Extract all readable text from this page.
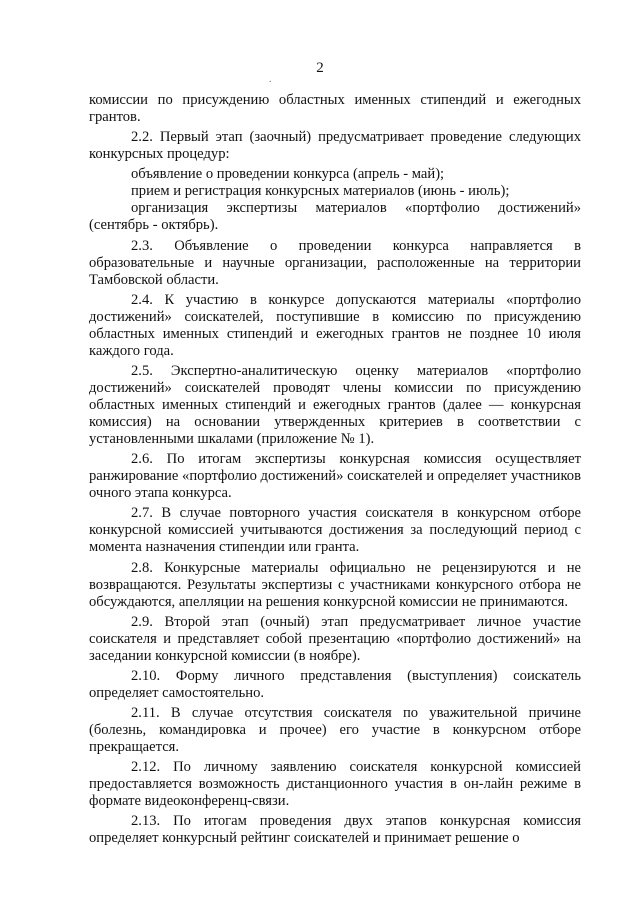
2
.

комиссии по присуждению областных именных стипендий и ежегодных грантов.

2.2. Первый этап (заочный) предусматривает проведение следующих конкурсных процедур:

объявление о проведении конкурса (апрель - май);

прием и регистрация конкурсных материалов (июнь - июль);

организация экспертизы материалов «портфолио достижений» (сентябрь - октябрь).

2.3. Объявление о проведении конкурса направляется в образовательные и научные организации, расположенные на территории Тамбовской области.

2.4. К участию в конкурсе допускаются материалы «портфолио достижений» соискателей, поступившие в комиссию по присуждению областных именных стипендий и ежегодных грантов не позднее 10 июля каждого года.

2.5. Экспертно-аналитическую оценку материалов «портфолио достижений» соискателей проводят члены комиссии по присуждению областных именных стипендий и ежегодных грантов (далее — конкурсная комиссия) на основании утвержденных критериев в соответствии с установленными шкалами (приложение № 1).

2.6. По итогам экспертизы конкурсная комиссия осуществляет ранжирование «портфолио достижений» соискателей и определяет участников очного этапа конкурса.

2.7. В случае повторного участия соискателя в конкурсном отборе конкурсной комиссией учитываются достижения за последующий период с момента назначения стипендии или гранта.

2.8. Конкурсные материалы официально не рецензируются и не возвращаются. Результаты экспертизы с участниками конкурсного отбора не обсуждаются, апелляции на решения конкурсной комиссии не принимаются.

2.9. Второй этап (очный) этап предусматривает личное участие соискателя и представляет собой презентацию «портфолио достижений» на заседании конкурсной комиссии (в ноябре).

2.10. Форму личного представления (выступления) соискатель определяет самостоятельно.

2.11. В случае отсутствия соискателя по уважительной причине (болезнь, командировка и прочее) его участие в конкурсном отборе прекращается.

2.12. По личному заявлению соискателя конкурсной комиссией предоставляется возможность дистанционного участия в он-лайн режиме в формате видеоконференц-связи.

2.13. По итогам проведения двух этапов конкурсная комиссия определяет конкурсный рейтинг соискателей и принимает решение о
